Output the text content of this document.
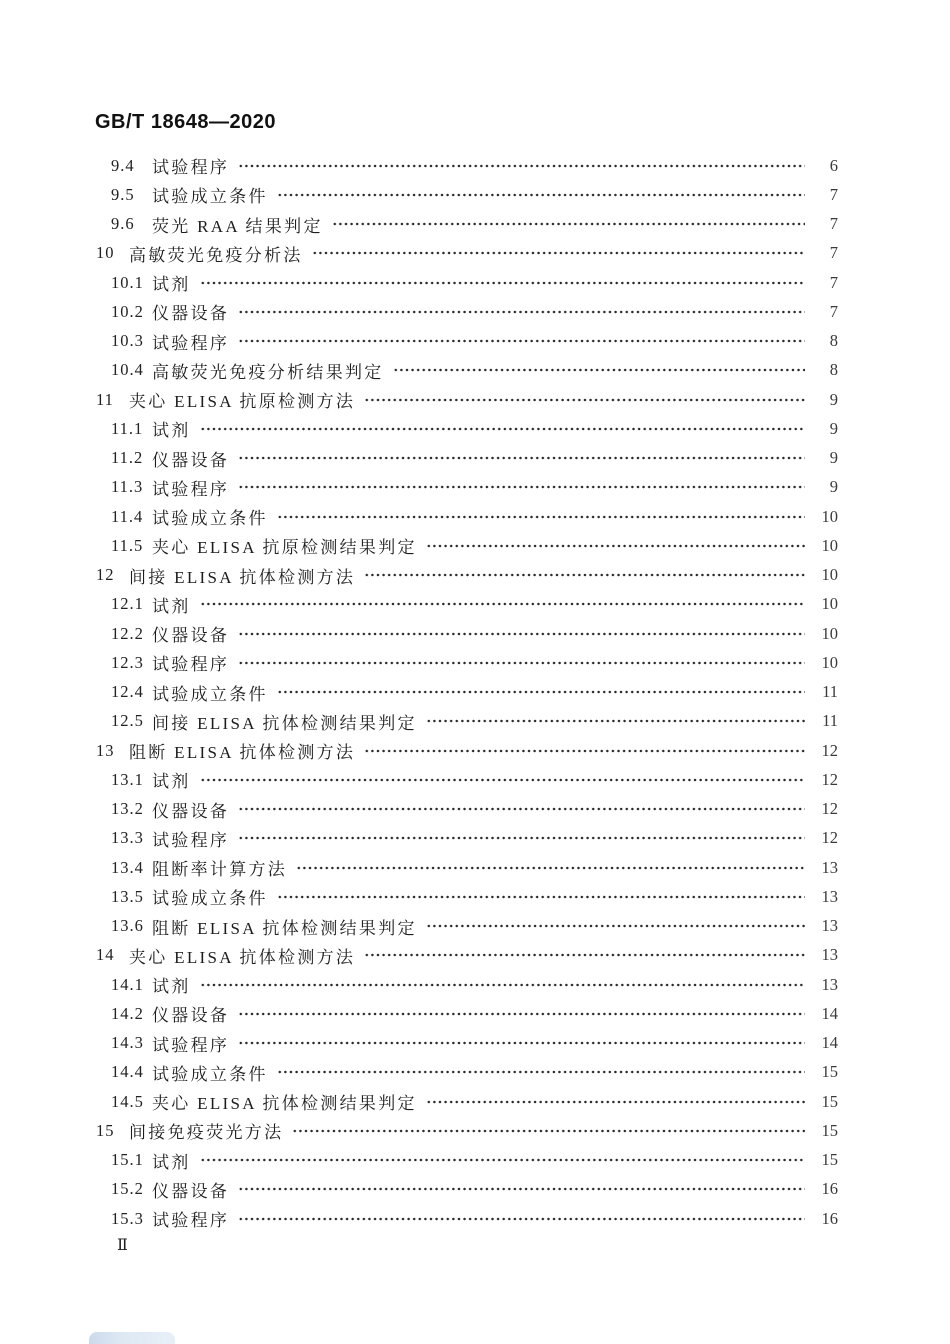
GB/T 18648—2020
9.4	试验程序	6
9.5	试验成立条件	7
9.6	荧光 RAA 结果判定	7
10 高敏荧光免疫分析法	7
10.1 试剂	7
10.2 仪器设备	7
10.3 试验程序	8
10.4 高敏荧光免疫分析结果判定	8
11 夹心 ELISA 抗原检测方法	9
11.1 试剂	9
11.2 仪器设备	9
11.3 试验程序	9
11.4 试验成立条件	10
11.5 夹心 ELISA 抗原检测结果判定	10
12 间接 ELISA 抗体检测方法	10
12.1 试剂	10
12.2 仪器设备	10
12.3 试验程序	10
12.4 试验成立条件	11
12.5 间接 ELISA 抗体检测结果判定	11
13 阻断 ELISA 抗体检测方法	12
13.1 试剂	12
13.2 仪器设备	12
13.3 试验程序	12
13.4 阻断率计算方法	13
13.5 试验成立条件	13
13.6 阻断 ELISA 抗体检测结果判定	13
14 夹心 ELISA 抗体检测方法	13
14.1 试剂	13
14.2 仪器设备	14
14.3 试验程序	14
14.4 试验成立条件	15
14.5 夹心 ELISA 抗体检测结果判定	15
15 间接免疫荧光方法	15
15.1 试剂	15
15.2 仪器设备	16
15.3 试验程序	16
Ⅱ
